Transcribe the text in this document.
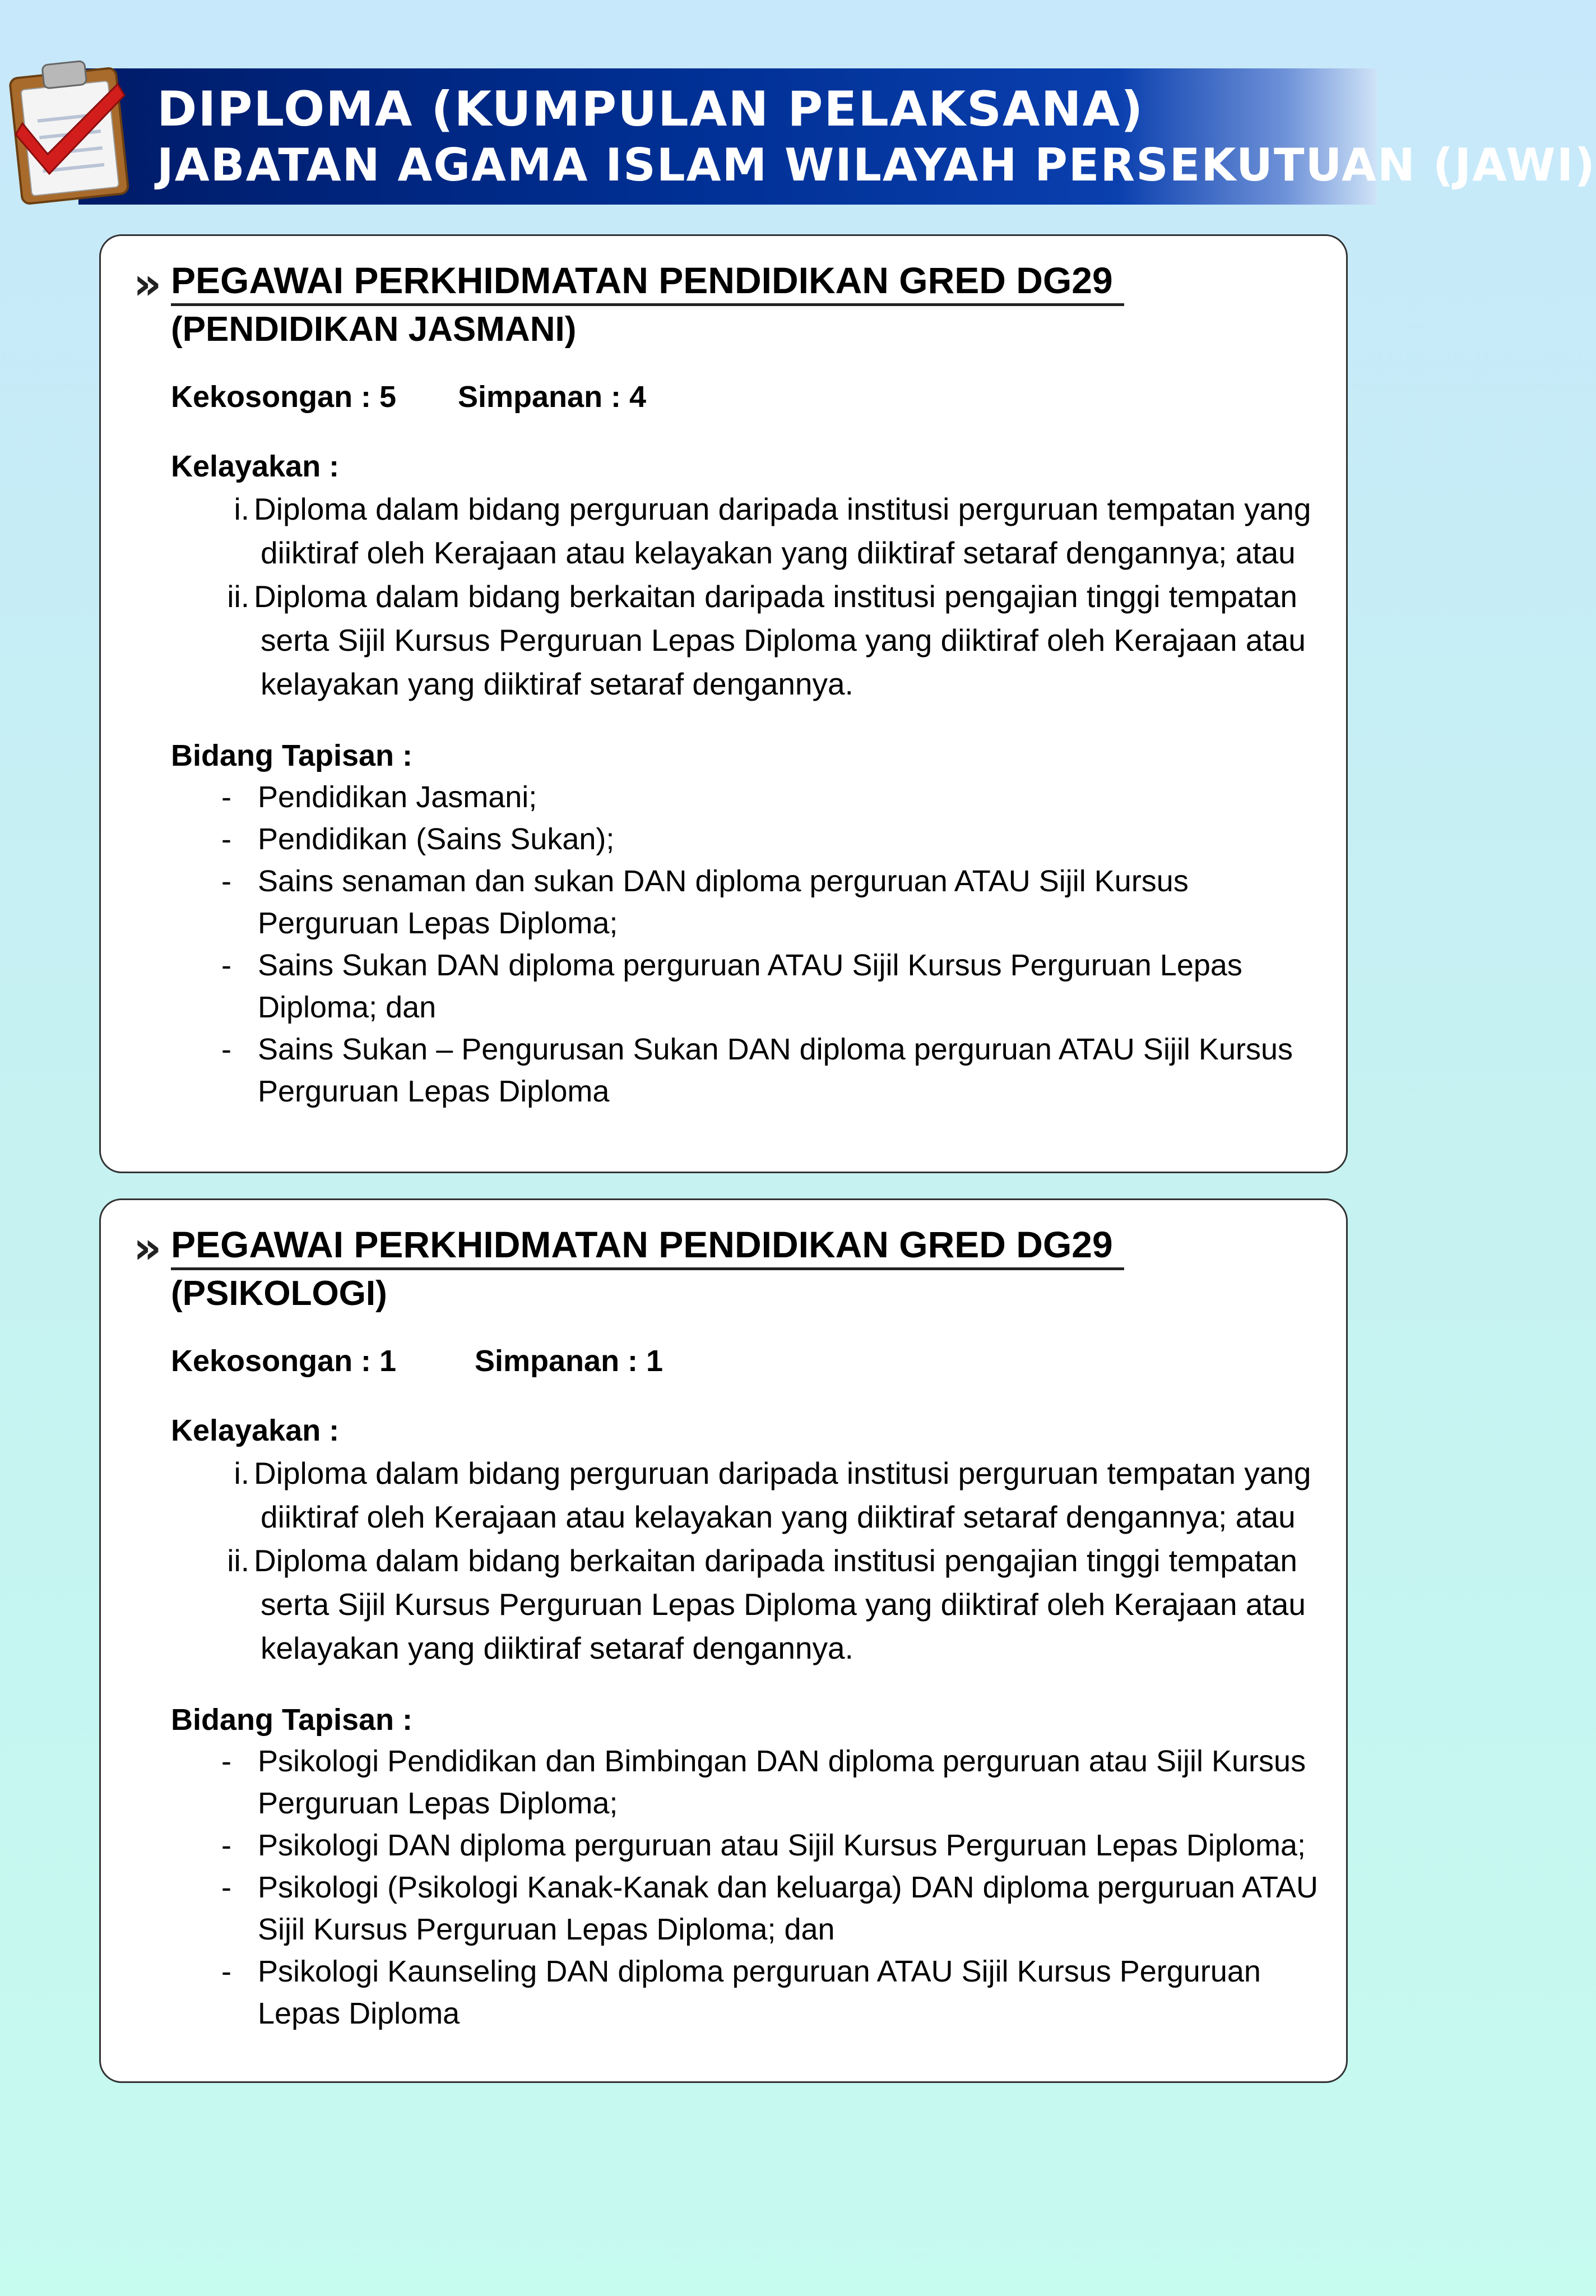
DIPLOMA (KUMPULAN PELAKSANA)
JABATAN AGAMA ISLAM WILAYAH PERSEKUTUAN (JAWI)
» PEGAWAI PERKHIDMATAN PENDIDIKAN GRED DG29
(PENDIDIKAN JASMANI)
Kekosongan : 5 Simpanan : 4
Kelayakan :
i. Diploma dalam bidang perguruan daripada institusi perguruan tempatan yang diiktiraf oleh Kerajaan atau kelayakan yang diiktiraf setaraf dengannya; atau
ii. Diploma dalam bidang berkaitan daripada institusi pengajian tinggi tempatan serta Sijil Kursus Perguruan Lepas Diploma yang diiktiraf oleh Kerajaan atau kelayakan yang diiktiraf setaraf dengannya.
Bidang Tapisan :
- Pendidikan Jasmani;
- Pendidikan (Sains Sukan);
- Sains senaman dan sukan DAN diploma perguruan ATAU Sijil Kursus Perguruan Lepas Diploma;
- Sains Sukan DAN diploma perguruan ATAU Sijil Kursus Perguruan Lepas Diploma; dan
- Sains Sukan – Pengurusan Sukan DAN diploma perguruan ATAU Sijil Kursus Perguruan Lepas Diploma
» PEGAWAI PERKHIDMATAN PENDIDIKAN GRED DG29
(PSIKOLOGI)
Kekosongan : 1	Simpanan : 1
Kelayakan :
i. Diploma dalam bidang perguruan daripada institusi perguruan tempatan yang diiktiraf oleh Kerajaan atau kelayakan yang diiktiraf setaraf dengannya; atau
ii. Diploma dalam bidang berkaitan daripada institusi pengajian tinggi tempatan serta Sijil Kursus Perguruan Lepas Diploma yang diiktiraf oleh Kerajaan atau kelayakan yang diiktiraf setaraf dengannya.
Bidang Tapisan :
- Psikologi Pendidikan dan Bimbingan DAN diploma perguruan atau Sijil Kursus Perguruan Lepas Diploma;
- Psikologi DAN diploma perguruan atau Sijil Kursus Perguruan Lepas Diploma;
- Psikologi (Psikologi Kanak-Kanak dan keluarga) DAN diploma perguruan ATAU Sijil Kursus Perguruan Lepas Diploma; dan
- Psikologi Kaunseling DAN diploma perguruan ATAU Sijil Kursus Perguruan Lepas Diploma
